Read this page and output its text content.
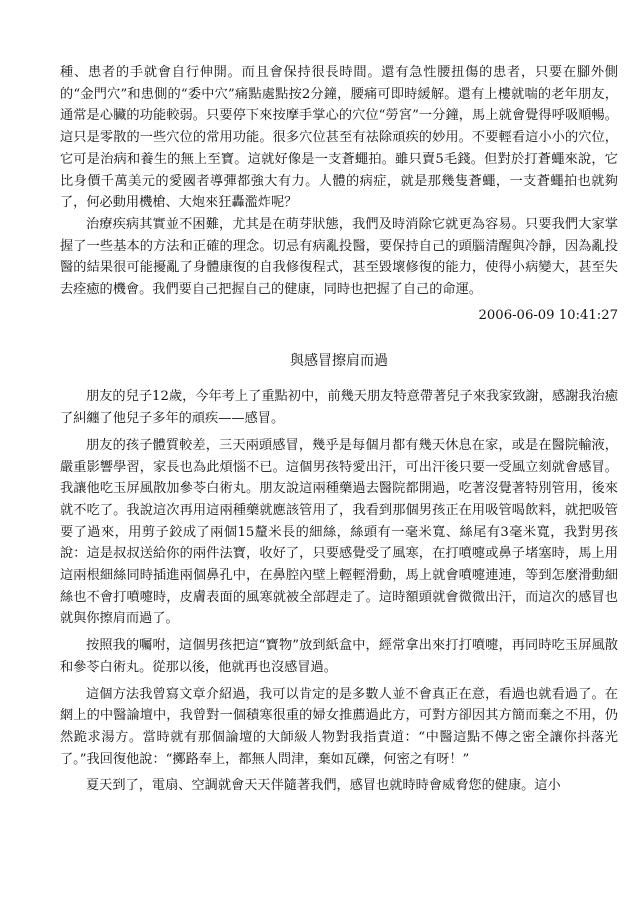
種、患者的手就會自行伸開。而且會保持很長時間。還有急性腰扭傷的患者，只要在腳外側的“金門穴”和患側的“委中穴”痛點處點按2分鐘，腰痛可即時緩解。還有上樓就喘的老年朋友，通常是心臟的功能較弱。只要停下來按摩手掌心的穴位“勞宮”一分鐘，馬上就會覺得呼吸順暢。這只是零散的一些穴位的常用功能。很多穴位甚至有祛除頑疾的妙用。不要輕看這小小的穴位，它可是治病和養生的無上至寶。這就好像是一支蒼蠅拍。雖只賣5毛錢。但對於打蒼蠅來說，它比身價千萬美元的愛國者導彈都強大有力。人體的病症，就是那幾隻蒼蠅，一支蒼蠅拍也就夠了，何必動用機槍、大炮來狂轟濫炸呢？

治療疾病其實並不困難，尤其是在萌芽狀態，我們及時消除它就更為容易。只要我們大家掌握了一些基本的方法和正確的理念。切忌有病亂投醫，要保持自己的頭腦清醒與冷靜，因為亂投醫的結果很可能擾亂了身體康復的自我修復程式，甚至毀壞修復的能力，使得小病變大，甚至失去痊癒的機會。我們要自己把握自己的健康，同時也把握了自己的命運。

2006-06-09 10:41:27
與感冒擦肩而過

朋友的兒子12歲，今年考上了重點初中，前幾天朋友特意帶著兒子來我家致謝，感謝我治癒了糾纏了他兒子多年的頑疾——感冒。

朋友的孩子體質較差，三天兩頭感冒，幾乎是每個月都有幾天休息在家，或是在醫院輸液，嚴重影響學習，家長也為此煩惱不已。這個男孩特愛出汗，可出汗後只要一受風立刻就會感冒。我讓他吃玉屏風散加參苓白術丸。朋友說這兩種藥過去醫院都開過，吃著沒覺著特別管用，後來就不吃了。我說這次再用這兩種藥就應該管用了，我看到那個男孩正在用吸管喝飲料，就把吸管要了過來，用剪子鉸成了兩個15釐米長的細絲，絲頭有一毫米寬、絲尾有3毫米寬，我對男孩說：這是叔叔送給你的兩件法寶，收好了，只要感覺受了風寒，在打噴嚏或鼻子堵塞時，馬上用這兩根細絲同時插進兩個鼻孔中，在鼻腔內壁上輕輕滑動，馬上就會噴嚏連連，等到怎麼滑動細絲也不會打噴嚏時，皮膚表面的風寒就被全部趕走了。這時額頭就會微微出汗，而這次的感冒也就與你擦肩而過了。

按照我的囑咐，這個男孩把這“寶物”放到紙盒中，經常拿出來打打噴嚏，再同時吃玉屏風散和參苓白術丸。從那以後，他就再也沒感冒過。

這個方法我曾寫文章介紹過，我可以肯定的是多數人並不會真正在意，看過也就看過了。在網上的中醫論壇中，我曾對一個積寒很重的婦女推薦過此方，可對方卻因其方簡而棄之不用，仍然跪求湯方。當時就有那個論壇的大師級人物對我指責道：“中醫這點不傳之密全讓你抖落光了。”我回復他說：“擲路奉上，都無人問津，棄如瓦礫，何密之有呀！”

夏天到了，電扇、空調就會天天伴隨著我們，感冒也就時時會威脅您的健康。這小
